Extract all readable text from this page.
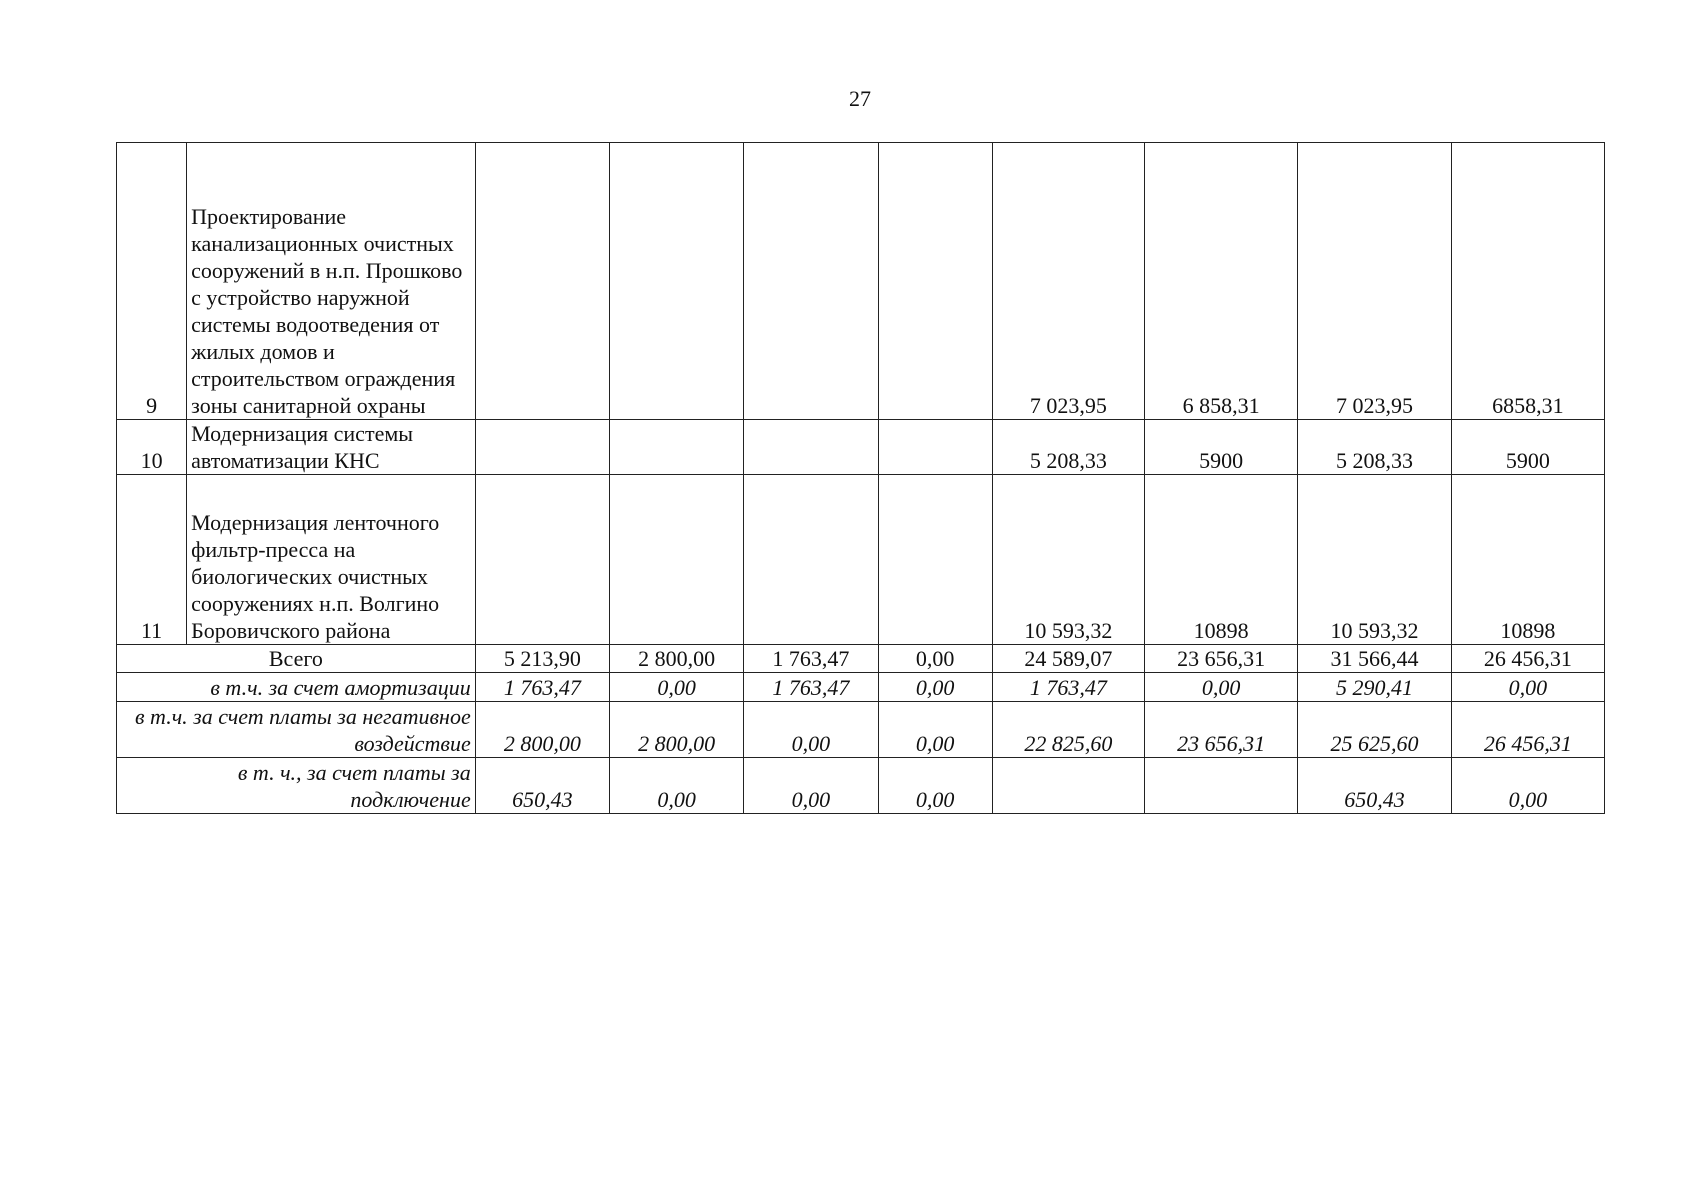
27
9	Проектирование канализационных очистных сооружений в н.п. Прошково с устройство наружной системы водоотведения от жилых домов и строительством ограждения зоны санитарной охраны					7 023,95	6 858,31	7 023,95	6858,31
10	Модернизация системы автоматизации КНС					5 208,33	5900	5 208,33	5900
11	Модернизация ленточного фильтр-пресса на биологических очистных сооружениях н.п. Волгино Боровичского района					10 593,32	10898	10 593,32	10898
Всего		5 213,90	2 800,00	1 763,47	0,00	24 589,07	23 656,31	31 566,44	26 456,31
в т.ч. за счет амортизации		1 763,47	0,00	1 763,47	0,00	1 763,47	0,00	5 290,41	0,00
в т.ч. за счет платы за негативное воздействие		2 800,00	2 800,00	0,00	0,00	22 825,60	23 656,31	25 625,60	26 456,31
в т. ч., за счет платы за подключение		650,43	0,00	0,00	0,00			650,43	0,00
